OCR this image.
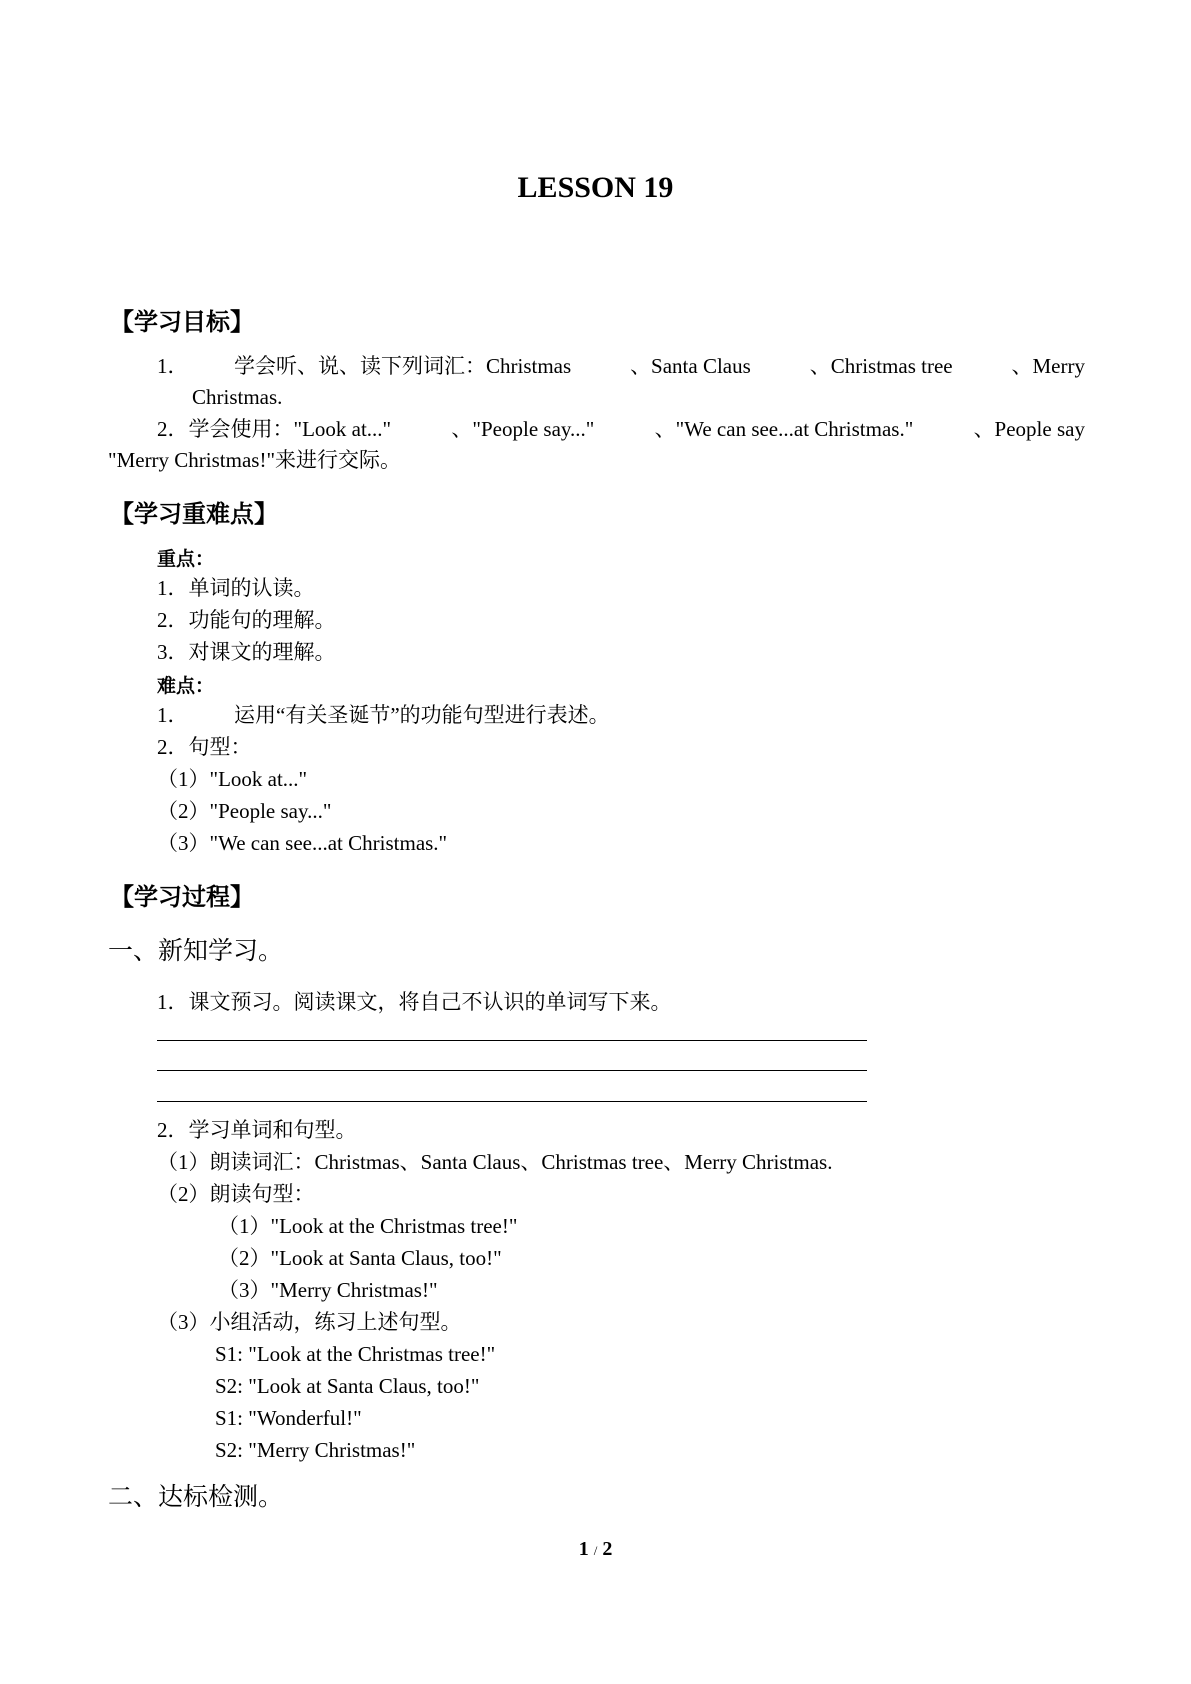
LESSON 19
【学习目标】
1． 学会听、说、读下列词汇：Christmas	、Santa Claus	、Christmas tree	、Merry
Christmas.
2．学会使用："Look at..."	、"People say..."	、"We can see...at Christmas."	、People say
"Merry Christmas!"来进行交际。
【学习重难点】
重点：
1．单词的认读。
2．功能句的理解。
3．对课文的理解。
难点：
1． 运用“有关圣诞节”的功能句型进行表述。
2．句型：
（1）"Look at..."
（2）"People say..."
（3）"We can see...at Christmas."
【学习过程】
一、新知学习。
1．课文预习。阅读课文，将自己不认识的单词写下来。
2．学习单词和句型。
（1）朗读词汇：Christmas、Santa Claus、Christmas tree、Merry Christmas.
（2）朗读句型：
（1）"Look at the Christmas tree!"
（2）"Look at Santa Claus, too!"
（3）"Merry Christmas!"
（3）小组活动，练习上述句型。
S1: "Look at the Christmas tree!"
S2: "Look at Santa Claus, too!"
S1: "Wonderful!"
S2: "Merry Christmas!"
二、达标检测。
1 / 2
